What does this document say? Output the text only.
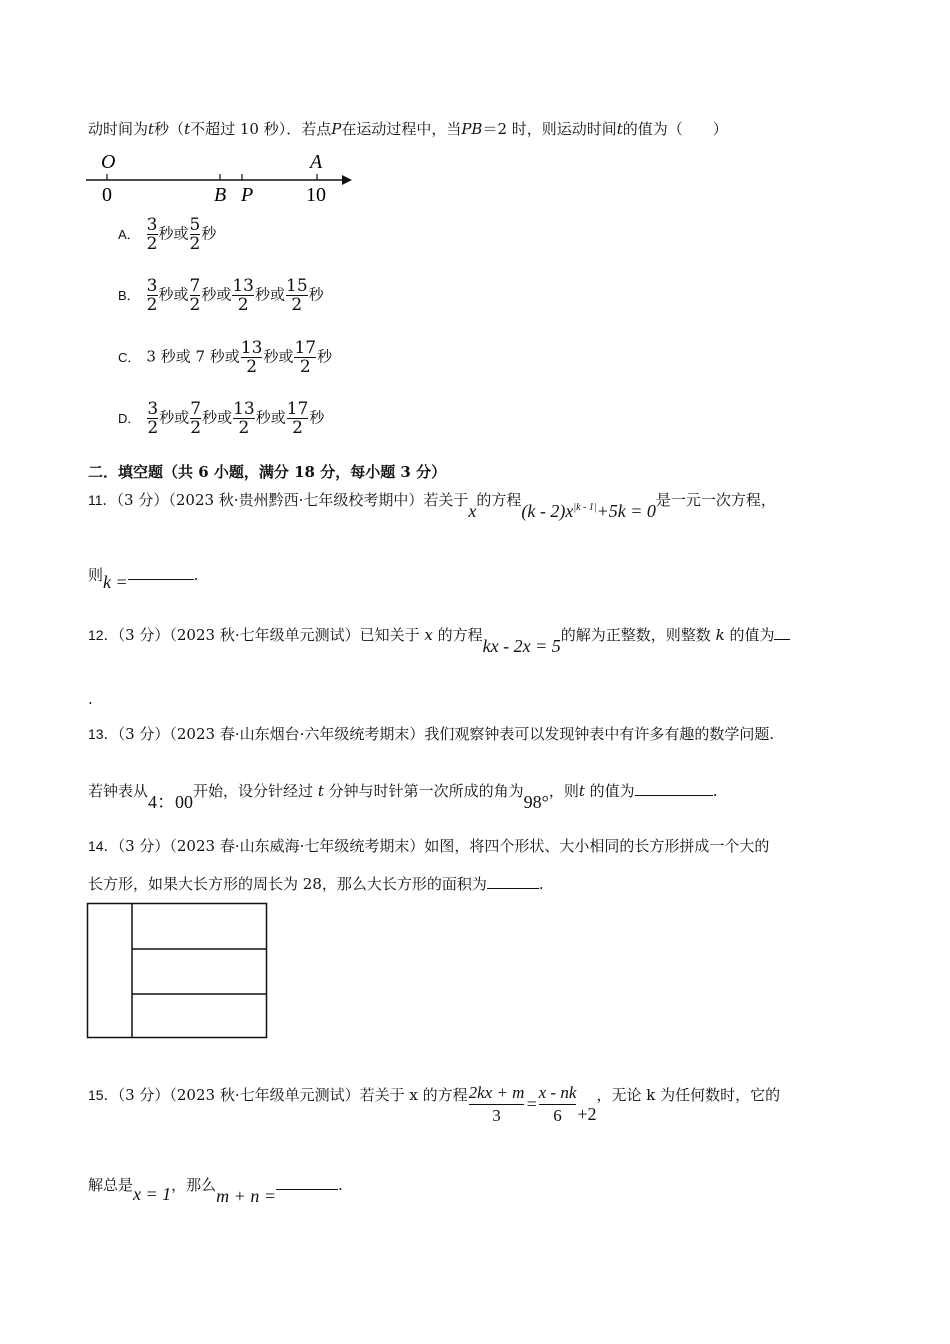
动时间为t秒（t不超过 10 秒）．若点P在运动过程中，当PB＝2 时，则运动时间t的值为（　　）
O	A
0	B P	10
A． $\frac{3}{2}$ 秒或 $\frac{5}{2}$ 秒
B． $\frac{3}{2}$ 秒或 $\frac{7}{2}$ 秒或 $\frac{13}{2}$ 秒或 $\frac{15}{2}$ 秒
C． 3 秒或 7 秒或 $\frac{13}{2}$ 秒或 $\frac{17}{2}$ 秒
D． $\frac{3}{2}$ 秒或 $\frac{7}{2}$ 秒或 $\frac{13}{2}$ 秒或 $\frac{17}{2}$ 秒
二．填空题（共 6 小题，满分 18 分，每小题 3 分）
11．（3 分）（2023 秋·贵州黔西·七年级校考期中）若关于x的方程$(k - 2)x^{|k - 1|}+5k = 0$是一元一次方程，
则k =	.
12．（3 分）（2023 秋·七年级单元测试）已知关于 x 的方程kx - 2x = 5的解为正整数，则整数 k 的值为
.
13．（3 分）（2023 春·山东烟台·六年级统考期末）我们观察钟表可以发现钟表中有许多有趣的数学问题.
若钟表从4：00开始，设分针经过 t 分钟与时针第一次所成的角为98°，则t 的值为	.
14．（3 分）（2023 春·山东威海·七年级统考期末）如图，将四个形状、大小相同的长方形拼成一个大的
长方形，如果大长方形的周长为 28，那么大长方形的面积为	.
15．（3 分）（2023 秋·七年级单元测试）若关于 x 的方程 $\frac{2kx + m}{3} = \frac{x - nk}{6} +2$，无论 k 为任何数时，它的
解总是x = 1，那么m + n =.
